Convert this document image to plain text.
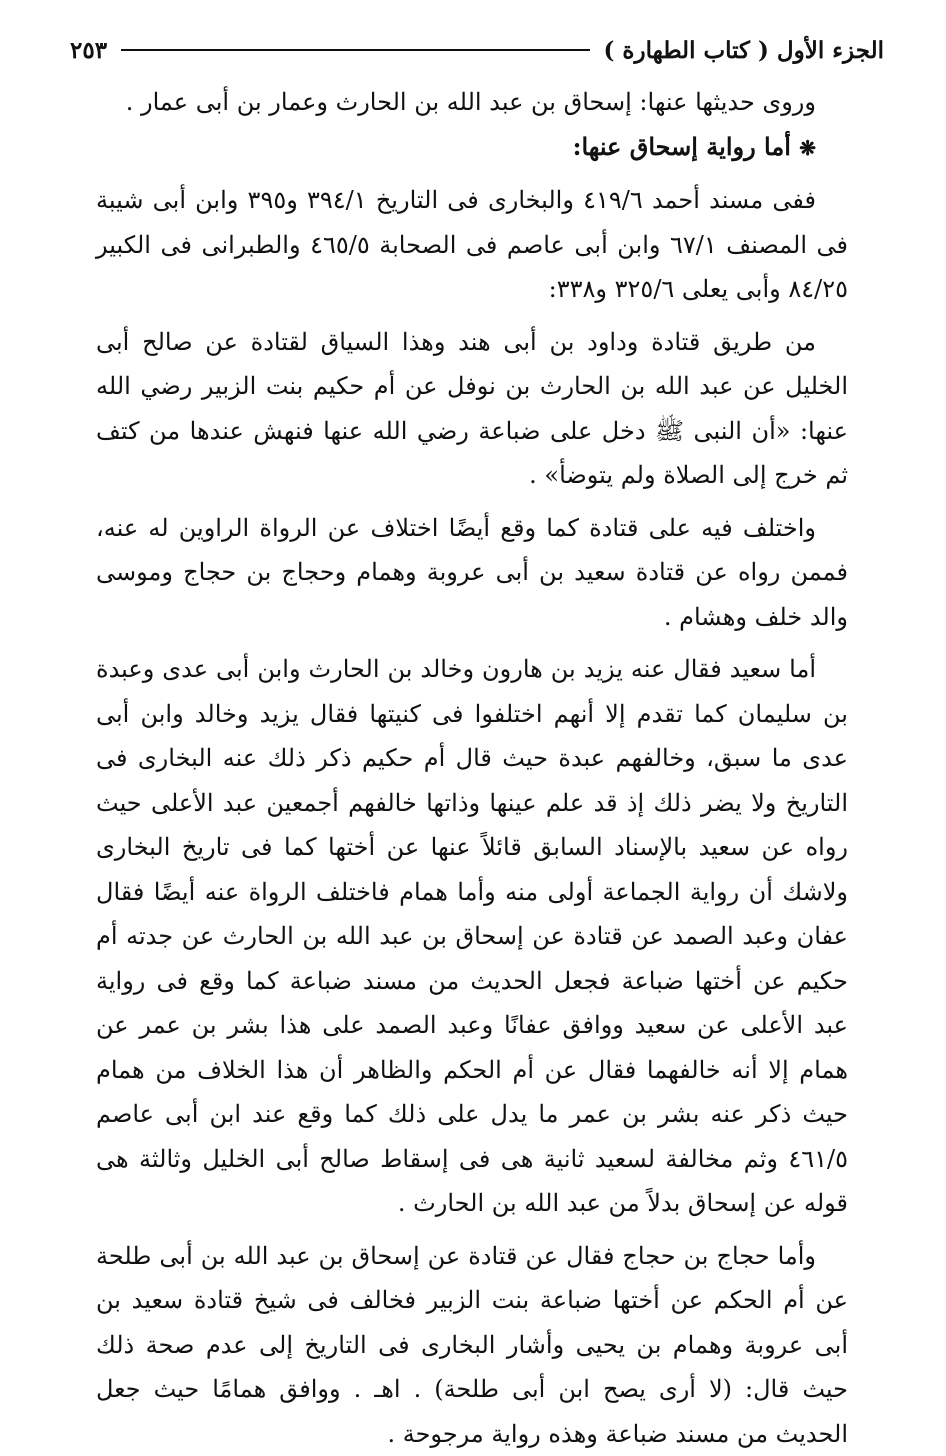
الجزء الأول ( كتاب الطهارة )
٢٥٣

وروى حديثها عنها: إسحاق بن عبد الله بن الحارث وعمار بن أبى عمار .

❋ أما رواية إسحاق عنها:

ففى مسند أحمد ٤١٩/٦ والبخارى فى التاريخ ٣٩٤/١ و٣٩٥ وابن أبى شيبة فى المصنف ٦٧/١ وابن أبى عاصم فى الصحابة ٤٦٥/٥ والطبرانى فى الكبير ٨٤/٢٥ وأبى يعلى ٣٢٥/٦ و٣٣٨:

من طريق قتادة وداود بن أبى هند وهذا السياق لقتادة عن صالح أبى الخليل عن عبد الله بن الحارث بن نوفل عن أم حكيم بنت الزبير رضي الله عنها: «أن النبى ﷺ دخل على ضباعة رضي الله عنها فنهش عندها من كتف ثم خرج إلى الصلاة ولم يتوضأ» .

واختلف فيه على قتادة كما وقع أيضًا اختلاف عن الرواة الراوين له عنه، فممن رواه عن قتادة سعيد بن أبى عروبة وهمام وحجاج بن حجاج وموسى والد خلف وهشام .

أما سعيد فقال عنه يزيد بن هارون وخالد بن الحارث وابن أبى عدى وعبدة بن سليمان كما تقدم إلا أنهم اختلفوا فى كنيتها فقال يزيد وخالد وابن أبى عدى ما سبق، وخالفهم عبدة حيث قال أم حكيم ذكر ذلك عنه البخارى فى التاريخ ولا يضر ذلك إذ قد علم عينها وذاتها خالفهم أجمعين عبد الأعلى حيث رواه عن سعيد بالإسناد السابق قائلاً عنها عن أختها كما فى تاريخ البخارى ولاشك أن رواية الجماعة أولى منه وأما همام فاختلف الرواة عنه أيضًا فقال عفان وعبد الصمد عن قتادة عن إسحاق بن عبد الله بن الحارث عن جدته أم حكيم عن أختها ضباعة فجعل الحديث من مسند ضباعة كما وقع فى رواية عبد الأعلى عن سعيد ووافق عفانًا وعبد الصمد على هذا بشر بن عمر عن همام إلا أنه خالفهما فقال عن أم الحكم والظاهر أن هذا الخلاف من همام حيث ذكر عنه بشر بن عمر ما يدل على ذلك كما وقع عند ابن أبى عاصم ٤٦١/٥ وثم مخالفة لسعيد ثانية هى فى إسقاط صالح أبى الخليل وثالثة هى قوله عن إسحاق بدلاً من عبد الله بن الحارث .

وأما حجاج بن حجاج فقال عن قتادة عن إسحاق بن عبد الله بن أبى طلحة عن أم الحكم عن أختها ضباعة بنت الزبير فخالف فى شيخ قتادة سعيد بن أبى عروبة وهمام بن يحيى وأشار البخارى فى التاريخ إلى عدم صحة ذلك حيث قال: (لا أرى يصح ابن أبى طلحة) . اهـ . ووافق همامًا حيث جعل الحديث من مسند ضباعة وهذه رواية مرجوحة .
